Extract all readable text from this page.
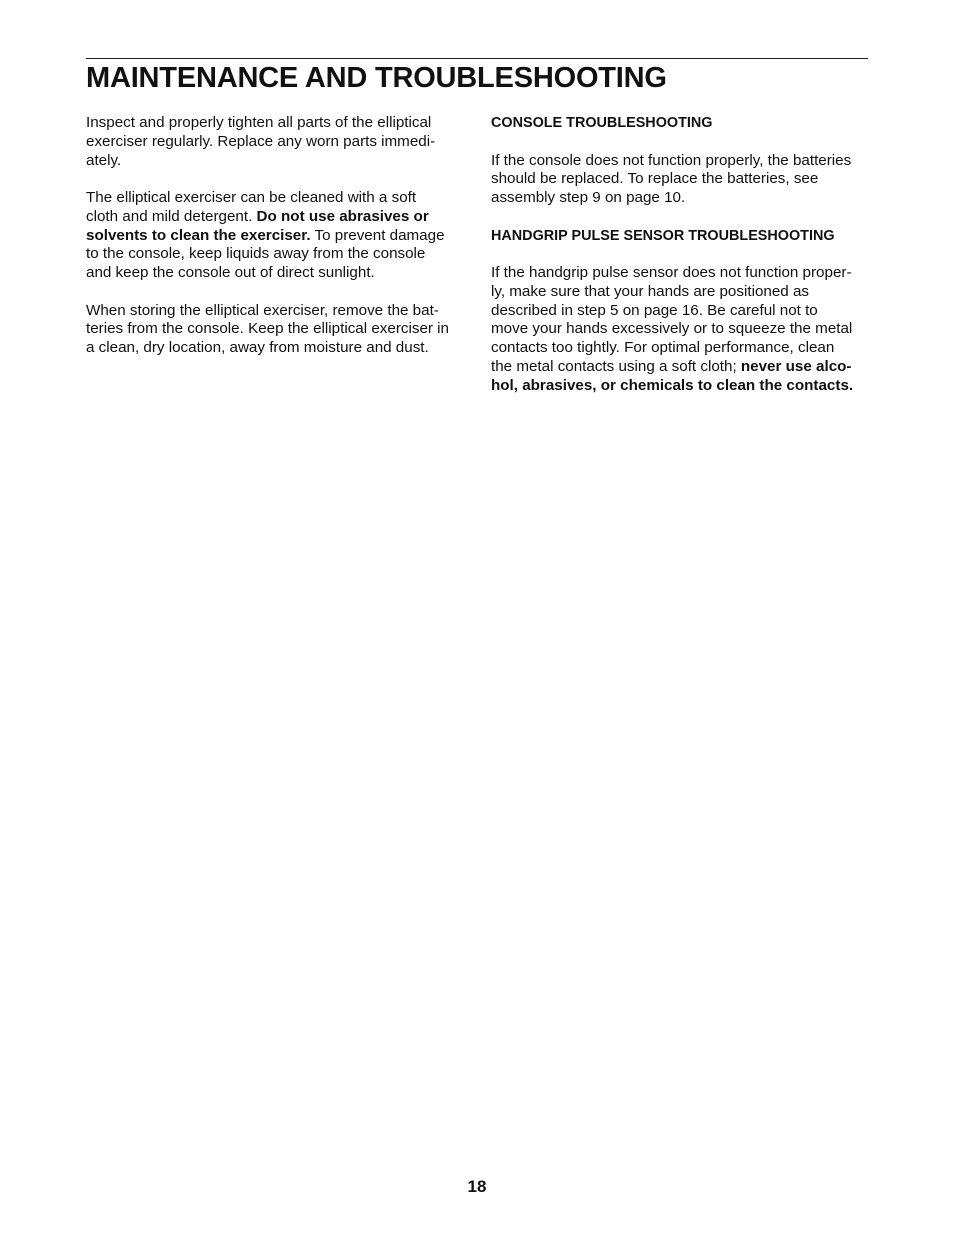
MAINTENANCE AND TROUBLESHOOTING

Inspect and properly tighten all parts of the elliptical
exerciser regularly. Replace any worn parts immedi-
ately.

The elliptical exerciser can be cleaned with a soft
cloth and mild detergent. Do not use abrasives or
solvents to clean the exerciser. To prevent damage
to the console, keep liquids away from the console
and keep the console out of direct sunlight.

When storing the elliptical exerciser, remove the bat-
teries from the console. Keep the elliptical exerciser in
a clean, dry location, away from moisture and dust.

CONSOLE TROUBLESHOOTING

If the console does not function properly, the batteries
should be replaced. To replace the batteries, see
assembly step 9 on page 10.

HANDGRIP PULSE SENSOR TROUBLESHOOTING

If the handgrip pulse sensor does not function proper-
ly, make sure that your hands are positioned as
described in step 5 on page 16. Be careful not to
move your hands excessively or to squeeze the metal
contacts too tightly. For optimal performance, clean
the metal contacts using a soft cloth; never use alco-
hol, abrasives, or chemicals to clean the contacts.

18
